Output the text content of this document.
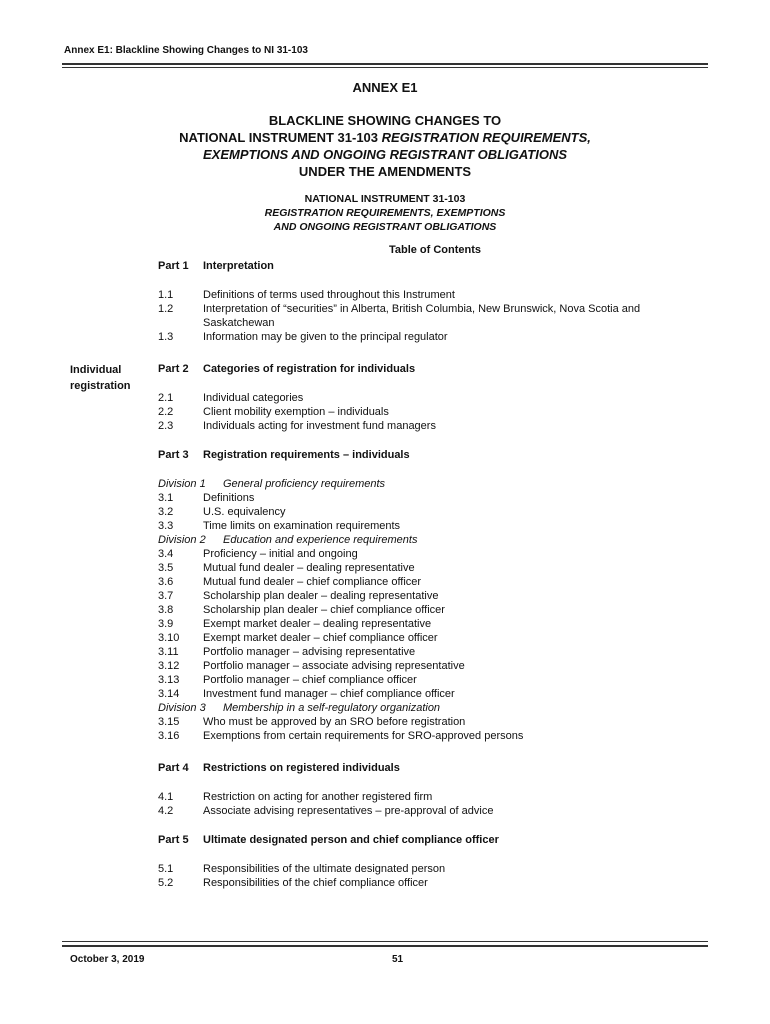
Annex E1: Blackline Showing Changes to NI 31-103
ANNEX E1
BLACKLINE SHOWING CHANGES TO
NATIONAL INSTRUMENT 31-103 REGISTRATION REQUIREMENTS,
EXEMPTIONS AND ONGOING REGISTRANT OBLIGATIONS
UNDER THE AMENDMENTS
NATIONAL INSTRUMENT 31-103
REGISTRATION REQUIREMENTS, EXEMPTIONS
AND ONGOING REGISTRANT OBLIGATIONS
Table of Contents
Individual
registration
Part 1 Interpretation
1.1	Definitions of terms used throughout this Instrument
1.2	Interpretation of “securities” in Alberta, British Columbia, New Brunswick, Nova Scotia and
Saskatchewan
1.3	Information may be given to the principal regulator
Part 2 Categories of registration for individuals
2.1	Individual categories
2.2	Client mobility exemption – individuals
2.3	Individuals acting for investment fund managers
Part 3 Registration requirements – individuals
Division 1 General proficiency requirements
3.1	Definitions
3.2	U.S. equivalency
3.3	Time limits on examination requirements
Division 2 Education and experience requirements
3.4	Proficiency – initial and ongoing
3.5	Mutual fund dealer – dealing representative
3.6	Mutual fund dealer – chief compliance officer
3.7	Scholarship plan dealer – dealing representative
3.8	Scholarship plan dealer – chief compliance officer
3.9	Exempt market dealer – dealing representative
3.10 Exempt market dealer – chief compliance officer
3.11 Portfolio manager – advising representative
3.12 Portfolio manager – associate advising representative
3.13 Portfolio manager – chief compliance officer
3.14 Investment fund manager – chief compliance officer
Division 3 Membership in a self-regulatory organization
3.15 Who must be approved by an SRO before registration
3.16 Exemptions from certain requirements for SRO-approved persons
Part 4 Restrictions on registered individuals
4.1	Restriction on acting for another registered firm
4.2	Associate advising representatives – pre-approval of advice
Part 5 Ultimate designated person and chief compliance officer
5.1	Responsibilities of the ultimate designated person
5.2	Responsibilities of the chief compliance officer
October 3, 2019	51
